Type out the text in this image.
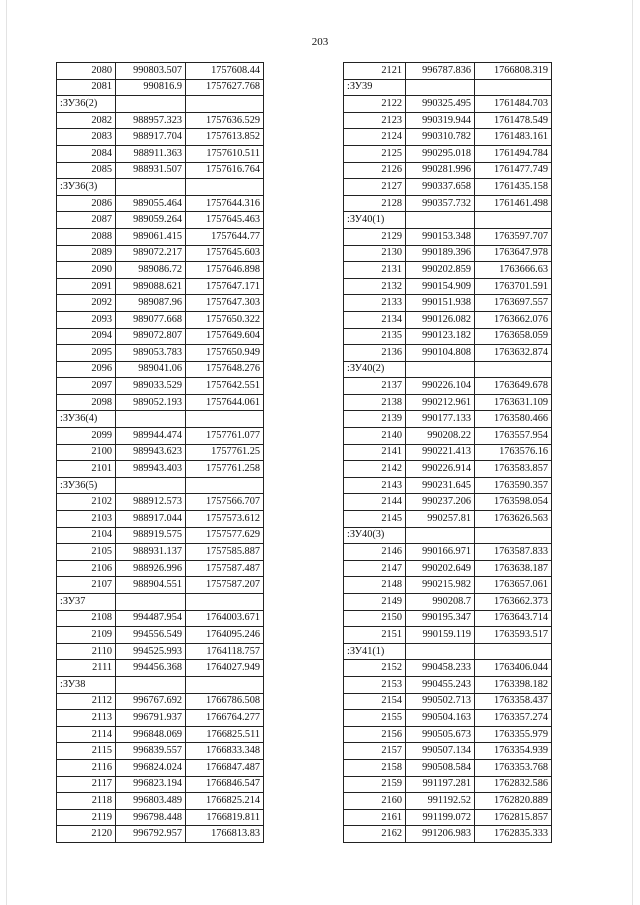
203
2080	990803.507	1757608.44
2081	990816.9	1757627.768
:ЗУ36(2)		
2082	988957.323	1757636.529
2083	988917.704	1757613.852
2084	988911.363	1757610.511
2085	988931.507	1757616.764
:ЗУ36(3)		
2086	989055.464	1757644.316
2087	989059.264	1757645.463
2088	989061.415	1757644.77
2089	989072.217	1757645.603
2090	989086.72	1757646.898
2091	989088.621	1757647.171
2092	989087.96	1757647.303
2093	989077.668	1757650.322
2094	989072.807	1757649.604
2095	989053.783	1757650.949
2096	989041.06	1757648.276
2097	989033.529	1757642.551
2098	989052.193	1757644.061
:ЗУ36(4)		
2099	989944.474	1757761.077
2100	989943.623	1757761.25
2101	989943.403	1757761.258
:ЗУ36(5)		
2102	988912.573	1757566.707
2103	988917.044	1757573.612
2104	988919.575	1757577.629
2105	988931.137	1757585.887
2106	988926.996	1757587.487
2107	988904.551	1757587.207
:ЗУ37		
2108	994487.954	1764003.671
2109	994556.549	1764095.246
2110	994525.993	1764118.757
2111	994456.368	1764027.949
:ЗУ38		
2112	996767.692	1766786.508
2113	996791.937	1766764.277
2114	996848.069	1766825.511
2115	996839.557	1766833.348
2116	996824.024	1766847.487
2117	996823.194	1766846.547
2118	996803.489	1766825.214
2119	996798.448	1766819.811
2120	996792.957	1766813.83
2121	996787.836	1766808.319
:ЗУ39		
2122	990325.495	1761484.703
2123	990319.944	1761478.549
2124	990310.782	1761483.161
2125	990295.018	1761494.784
2126	990281.996	1761477.749
2127	990337.658	1761435.158
2128	990357.732	1761461.498
:ЗУ40(1)		
2129	990153.348	1763597.707
2130	990189.396	1763647.978
2131	990202.859	1763666.63
2132	990154.909	1763701.591
2133	990151.938	1763697.557
2134	990126.082	1763662.076
2135	990123.182	1763658.059
2136	990104.808	1763632.874
:ЗУ40(2)		
2137	990226.104	1763649.678
2138	990212.961	1763631.109
2139	990177.133	1763580.466
2140	990208.22	1763557.954
2141	990221.413	1763576.16
2142	990226.914	1763583.857
2143	990231.645	1763590.357
2144	990237.206	1763598.054
2145	990257.81	1763626.563
:ЗУ40(3)		
2146	990166.971	1763587.833
2147	990202.649	1763638.187
2148	990215.982	1763657.061
2149	990208.7	1763662.373
2150	990195.347	1763643.714
2151	990159.119	1763593.517
:ЗУ41(1)		
2152	990458.233	1763406.044
2153	990455.243	1763398.182
2154	990502.713	1763358.437
2155	990504.163	1763357.274
2156	990505.673	1763355.979
2157	990507.134	1763354.939
2158	990508.584	1763353.768
2159	991197.281	1762832.586
2160	991192.52	1762820.889
2161	991199.072	1762815.857
2162	991206.983	1762835.333
